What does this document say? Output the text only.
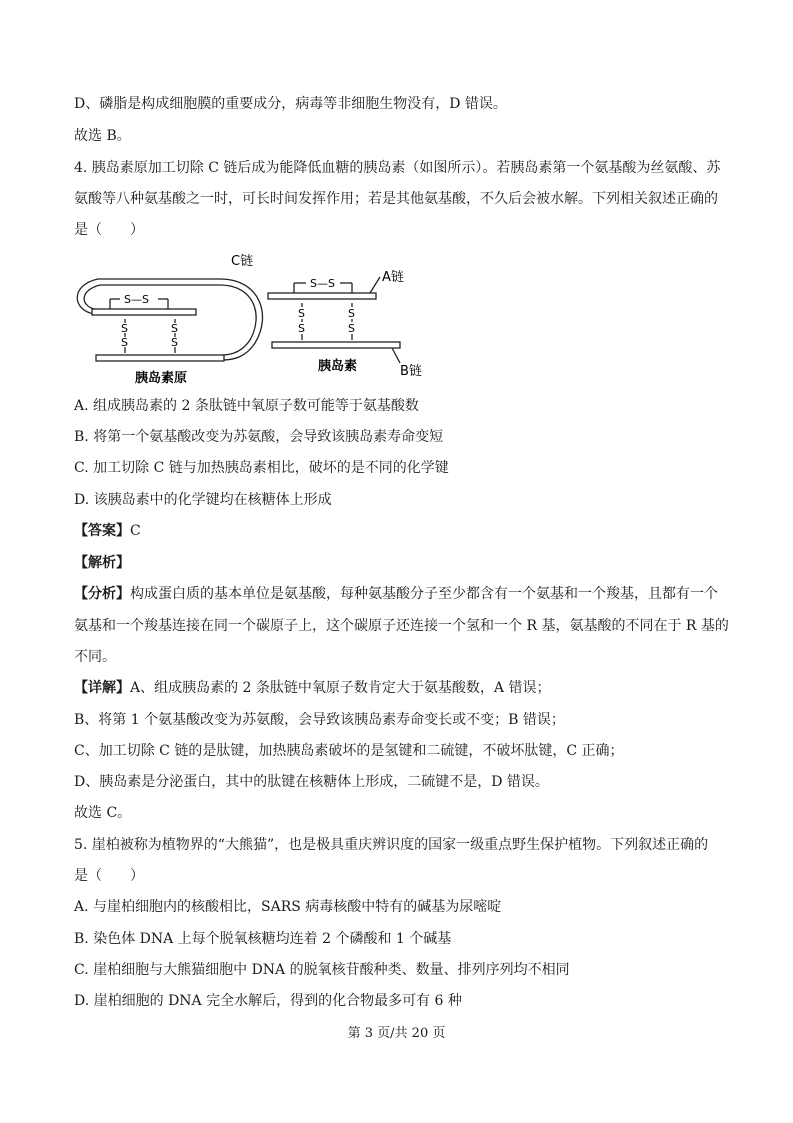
D、磷脂是构成细胞膜的重要成分，病毒等非细胞生物没有，D 错误。
故选 B。
4. 胰岛素原加工切除 C 链后成为能降低血糖的胰岛素（如图所示）。若胰岛素第一个氨基酸为丝氨酸、苏
氨酸等八种氨基酸之一时，可长时间发挥作用；若是其他氨基酸，不久后会被水解。下列相关叙述正确的
是（　　）
S—S
S
S
S
S
C链
胰岛素原
S—S
S
S
S
S
A链
B链
胰岛素
A. 组成胰岛素的 2 条肽链中氧原子数可能等于氨基酸数
B. 将第一个氨基酸改变为苏氨酸，会导致该胰岛素寿命变短
C. 加工切除 C 链与加热胰岛素相比，破坏的是不同的化学键
D. 该胰岛素中的化学键均在核糖体上形成
【答案】C
【解析】
【分析】构成蛋白质的基本单位是氨基酸，每种氨基酸分子至少都含有一个氨基和一个羧基，且都有一个
氨基和一个羧基连接在同一个碳原子上，这个碳原子还连接一个氢和一个 R 基，氨基酸的不同在于 R 基的
不同。
【详解】A、组成胰岛素的 2 条肽链中氧原子数肯定大于氨基酸数，A 错误；
B、将第 1 个氨基酸改变为苏氨酸，会导致该胰岛素寿命变长或不变；B 错误；
C、加工切除 C 链的是肽键，加热胰岛素破坏的是氢键和二硫键，不破坏肽键，C 正确；
D、胰岛素是分泌蛋白，其中的肽键在核糖体上形成，二硫键不是，D 错误。
故选 C。
5. 崖柏被称为植物界的“大熊猫”，也是极具重庆辨识度的国家一级重点野生保护植物。下列叙述正确的
是（　　）
A. 与崖柏细胞内的核酸相比，SARS 病毒核酸中特有的碱基为尿嘧啶
B. 染色体 DNA 上每个脱氧核糖均连着 2 个磷酸和 1 个碱基
C. 崖柏细胞与大熊猫细胞中 DNA 的脱氧核苷酸种类、数量、排列序列均不相同
D. 崖柏细胞的 DNA 完全水解后，得到的化合物最多可有 6 种
第 3 页/共 20 页
